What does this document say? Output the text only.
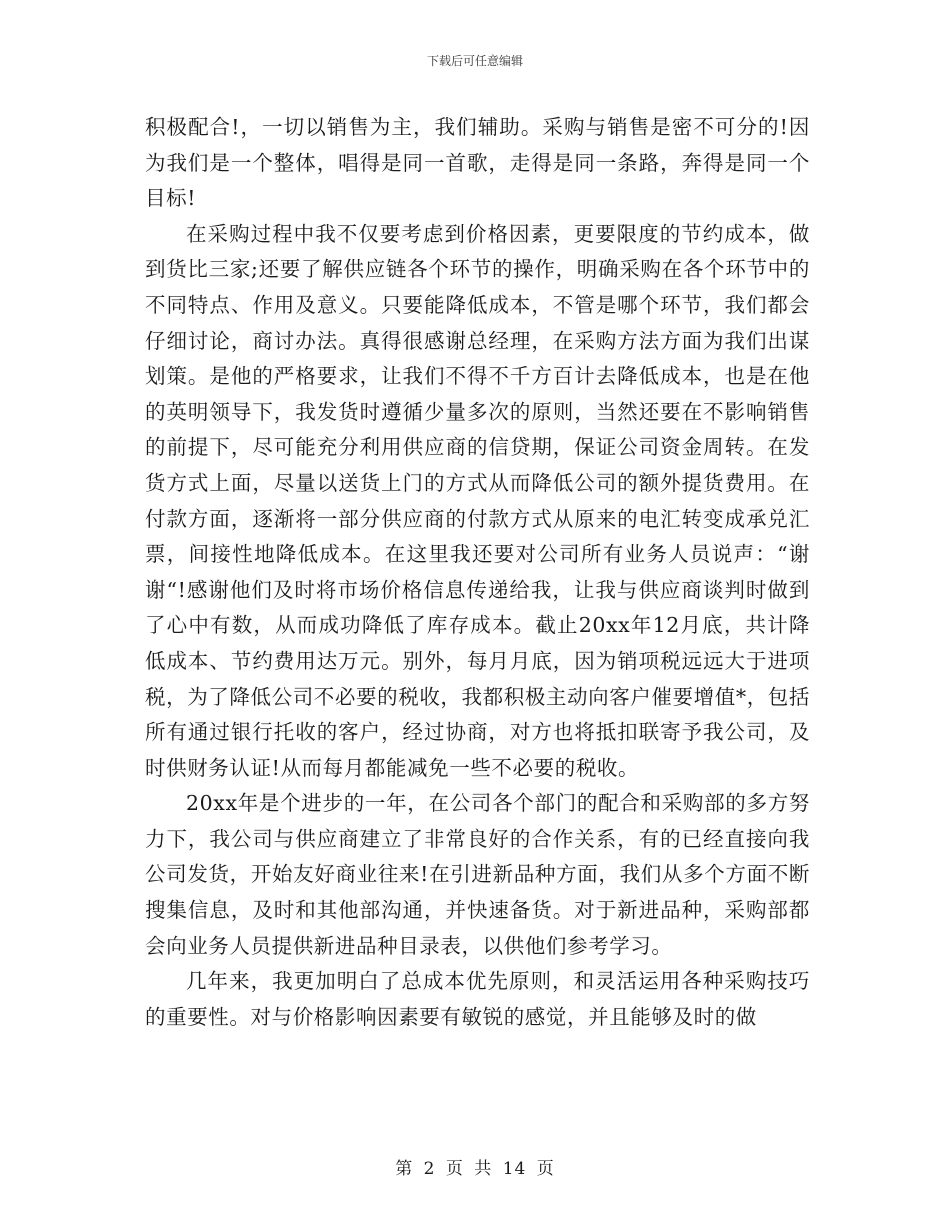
下载后可任意编辑

积极配合!，一切以销售为主，我们辅助。采购与销售是密不可分的!因为我们是一个整体，唱得是同一首歌，走得是同一条路，奔得是同一个目标!

在采购过程中我不仅要考虑到价格因素，更要限度的节约成本，做到货比三家;还要了解供应链各个环节的操作，明确采购在各个环节中的不同特点、作用及意义。只要能降低成本，不管是哪个环节，我们都会仔细讨论，商讨办法。真得很感谢总经理，在采购方法方面为我们出谋划策。是他的严格要求，让我们不得不千方百计去降低成本，也是在他的英明领导下，我发货时遵循少量多次的原则，当然还要在不影响销售的前提下，尽可能充分利用供应商的信贷期，保证公司资金周转。在发货方式上面，尽量以送货上门的方式从而降低公司的额外提货费用。在付款方面，逐渐将一部分供应商的付款方式从原来的电汇转变成承兑汇票，间接性地降低成本。在这里我还要对公司所有业务人员说声：“谢谢“!感谢他们及时将市场价格信息传递给我，让我与供应商谈判时做到了心中有数，从而成功降低了库存成本。截止20xx年12月底，共计降低成本、节约费用达万元。别外，每月月底，因为销项税远远大于进项税，为了降低公司不必要的税收，我都积极主动向客户催要增值*，包括所有通过银行托收的客户，经过协商，对方也将抵扣联寄予我公司，及时供财务认证!从而每月都能减免一些不必要的税收。

20xx年是个进步的一年，在公司各个部门的配合和采购部的多方努力下，我公司与供应商建立了非常良好的合作关系，有的已经直接向我公司发货，开始友好商业往来!在引进新品种方面，我们从多个方面不断搜集信息，及时和其他部沟通，并快速备货。对于新进品种，采购部都会向业务人员提供新进品种目录表，以供他们参考学习。

几年来，我更加明白了总成本优先原则，和灵活运用各种采购技巧的重要性。对与价格影响因素要有敏锐的感觉，并且能够及时的做

第 2 页 共 14 页
